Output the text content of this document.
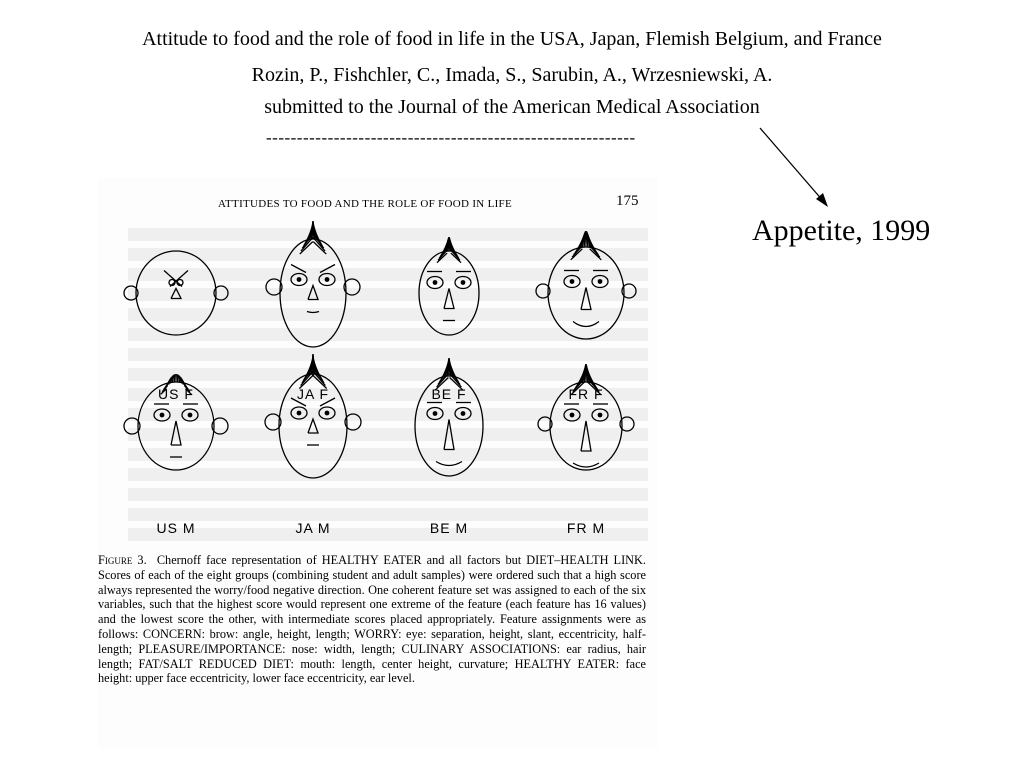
Attitude to food and the role of food in life in the USA, Japan, Flemish Belgium, and France
Rozin, P., Fishchler, C., Imada, S., Sarubin, A., Wrzesniewski, A.
submitted to the Journal of the American Medical Association
------------------------------------------------------------
Appetite, 1999
ATTITUDES TO FOOD AND THE ROLE OF FOOD IN LIFE	175
US F	JA F	BE F	FR F
US M	JA M	BE M	FR M
Figure 3. Chernoff face representation of HEALTHY EATER and all factors but DIET–HEALTH LINK. Scores of each of the eight groups (combining student and adult samples) were ordered such that a high score always represented the worry/food negative direction. One coherent feature set was assigned to each of the six variables, such that the highest score would represent one extreme of the feature (each feature has 16 values) and the lowest score the other, with intermediate scores placed appropriately. Feature assignments were as follows: CONCERN: brow: angle, height, length; WORRY: eye: separation, height, slant, eccentricity, half-length; PLEASURE/IMPORTANCE: nose: width, length; CULINARY ASSOCIATIONS: ear radius, hair length; FAT/SALT REDUCED DIET: mouth: length, center height, curvature; HEALTHY EATER: face height: upper face eccentricity, lower face eccentricity, ear level.
